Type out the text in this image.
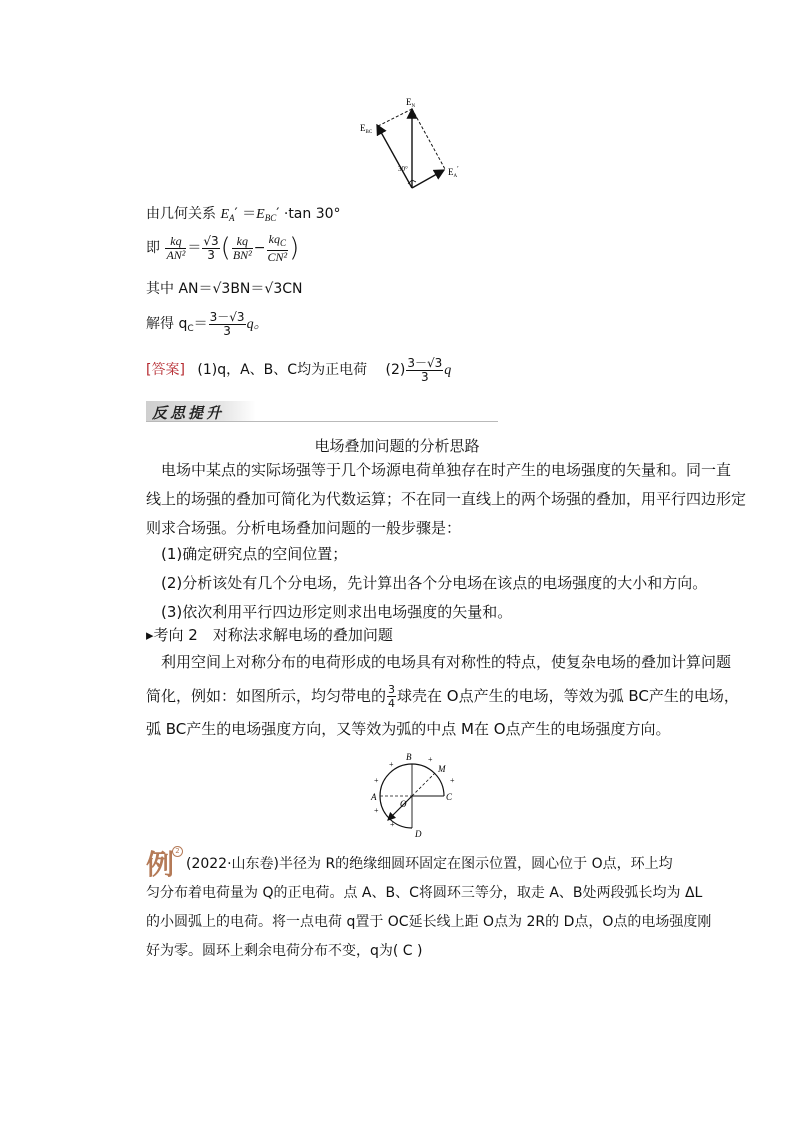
$E_N$
$E_{BC}$
$E_A'$
30°
由几何关系 $E_A' =E_{BC}' \cdot\tan$ 30°
即 $\frac{kq}{\text{AN²}} = \frac{√3}{3}$ ( $\frac{kq}{\text{BN²}} - \frac{kq_C}{\text{CN²}}$ )
其中 AN＝√3BN＝√3CN
解得 $q_C= \frac{3-√3}{3}$ q。
[答案] (1)q，A、B、C均为正电荷 $(2) \frac{3-√3}{3}$ q
反思提升
电场叠加问题的分析思路
　电场中某点的实际场强等于几个场源电荷单独存在时产生的电场强度的矢量和。同一直
线上的场强的叠加可简化为代数运算；不在同一直线上的两个场强的叠加，用平行四边形定
则求合场强。分析电场叠加问题的一般步骤是：
　(1)确定研究点的空间位置；
　(2)分析该处有几个分电场，先计算出各个分电场在该点的电场强度的大小和方向。
　(3)依次利用平行四边形定则求出电场强度的矢量和。
▸考向 2　对称法求解电场的叠加问题
　利用空间上对称分布的电荷形成的电场具有对称性的特点，使复杂电场的叠加计算问题
简化，例如：如图所示，均匀带电的 $\frac{3}{4}$ 球壳在 O点产生的电场，等效为弧 BC产生的电场，
弧 BC产生的电场强度方向，又等效为弧的中点 M在 O点产生的电场强度方向。
B
M
A	C
O
D
+
+
+
+
+
+
例 2
(2022·山东卷)半径为 R的绝缘细圆环固定在图示位置，圆心位于 O点，环上均
匀分布着电荷量为 Q的正电荷。点 A、B、C将圆环三等分，取走 A、B处两段弧长均为 ΔL
的小圆弧上的电荷。将一点电荷 q置于 OC延长线上距 O点为 2R的 D点，O点的电场强度刚
好为零。圆环上剩余电荷分布不变，q为( C )
